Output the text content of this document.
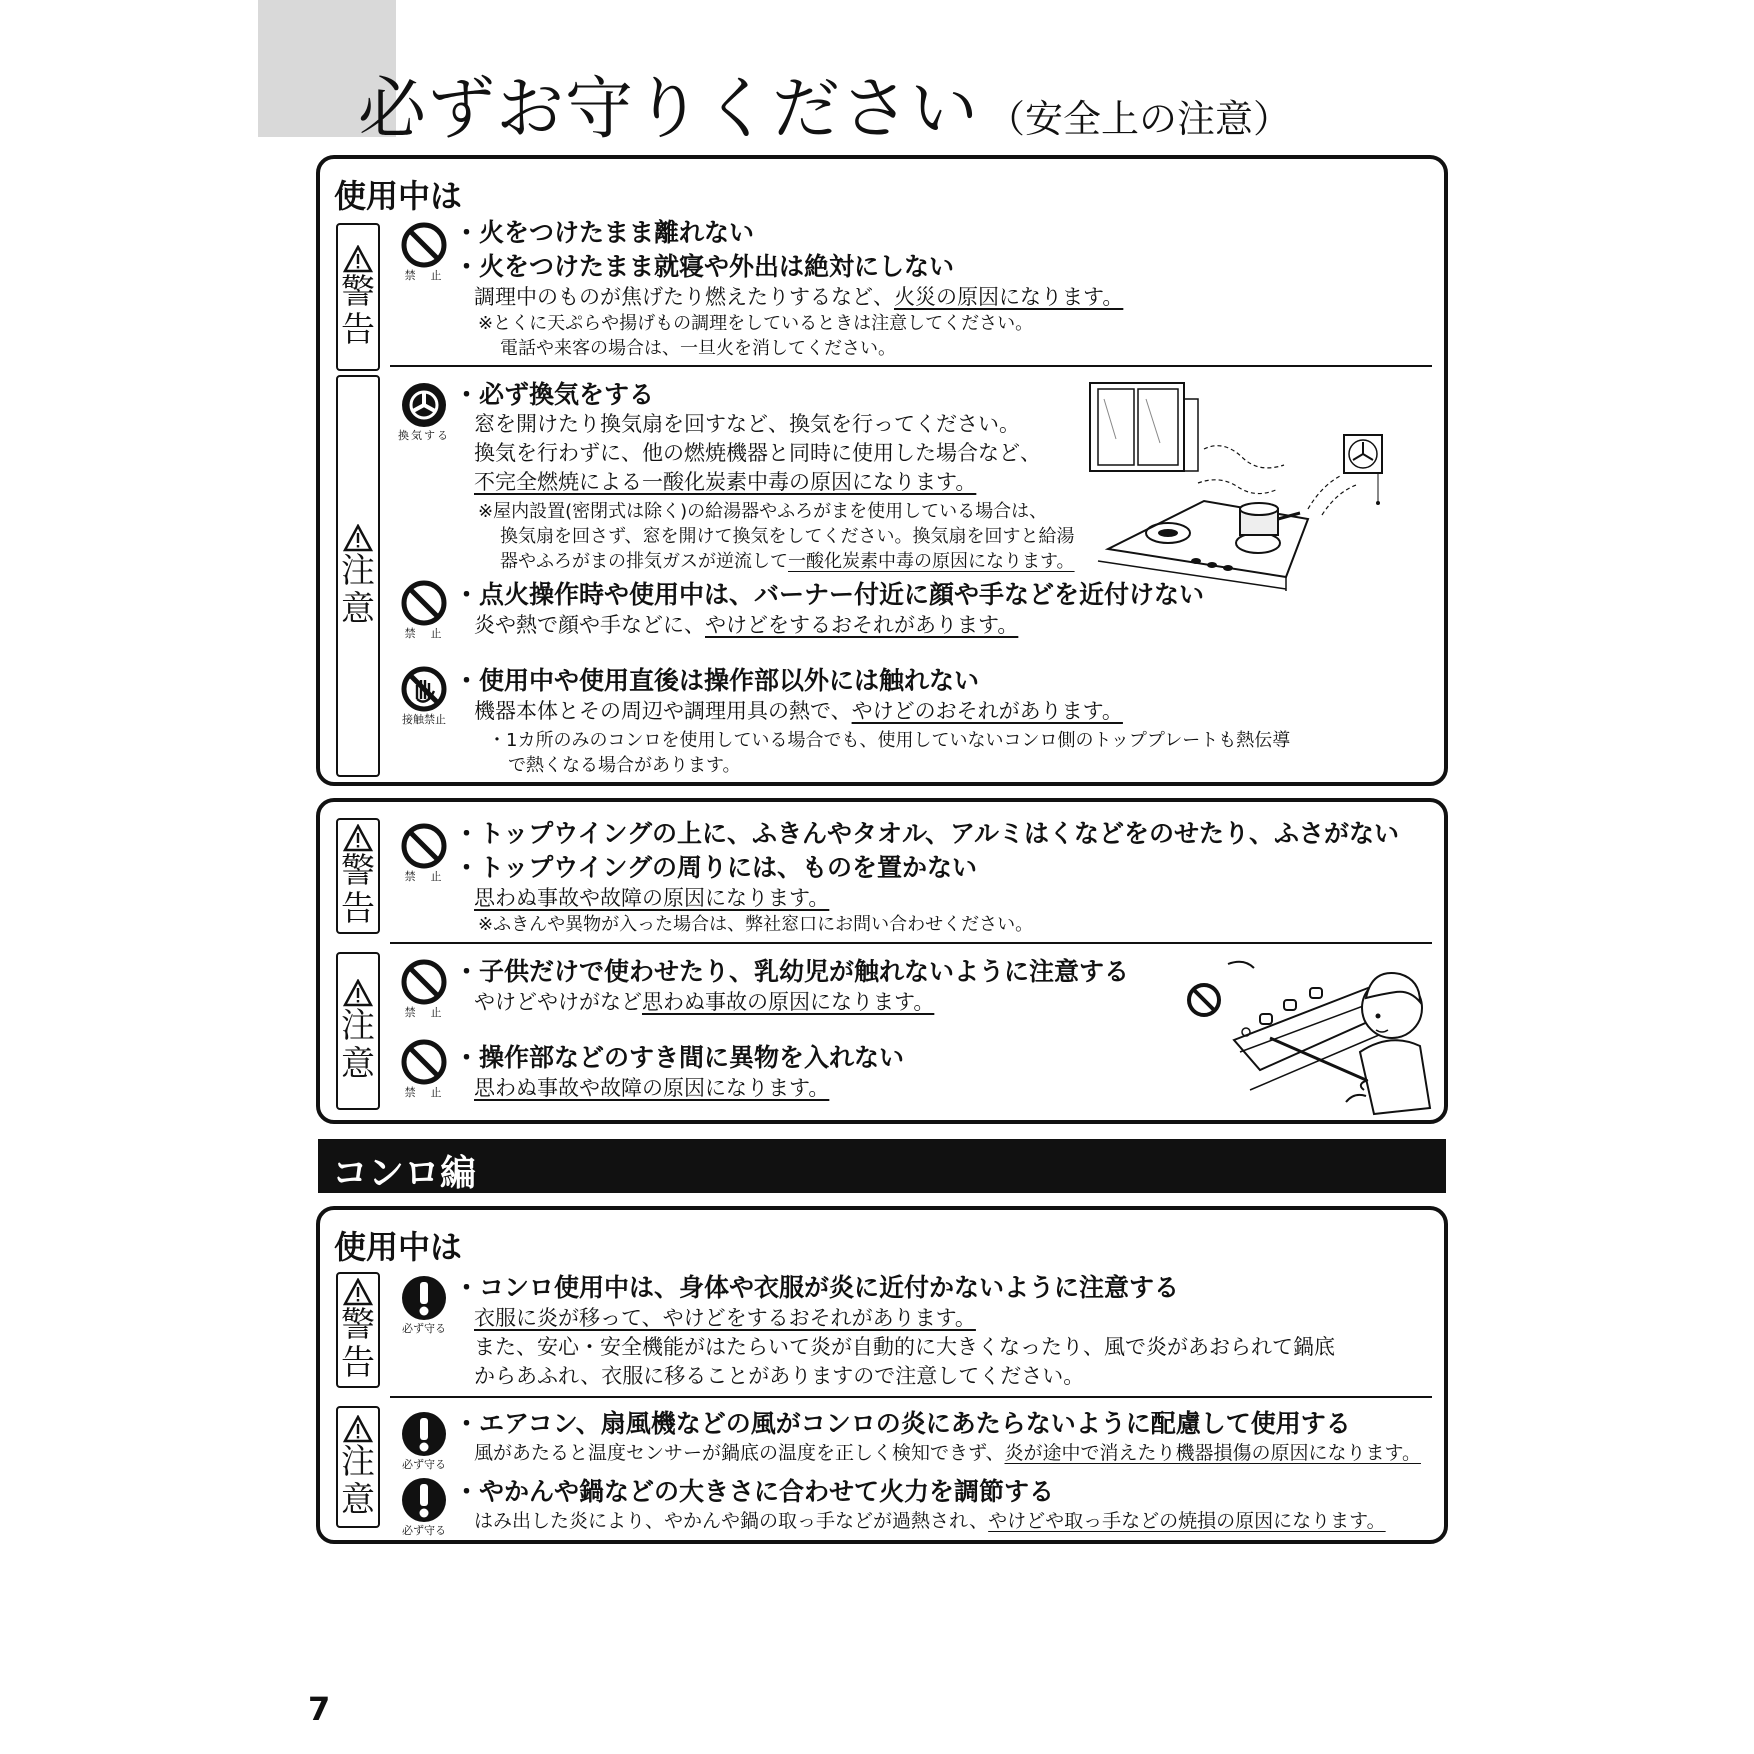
必ずお守りください （安全上の注意）
使用中は
警
告
禁　止
・火をつけたまま離れない
・火をつけたまま就寝や外出は絶対にしない
調理中のものが焦げたり燃えたりするなど、火災の原因になります。
※とくに天ぷらや揚げもの調理をしているときは注意してください。
電話や来客の場合は、一旦火を消してください。
注
意
換気する
・必ず換気をする
窓を開けたり換気扇を回すなど、換気を行ってください。
換気を行わずに、他の燃焼機器と同時に使用した場合など、
不完全燃焼による一酸化炭素中毒の原因になります。
※屋内設置(密閉式は除く)の給湯器やふろがまを使用している場合は、
換気扇を回さず、窓を開けて換気をしてください。換気扇を回すと給湯
器やふろがまの排気ガスが逆流して一酸化炭素中毒の原因になります。
禁　止
・点火操作時や使用中は、バーナー付近に顔や手などを近付けない
炎や熱で顔や手などに、やけどをするおそれがあります。
接触禁止
・使用中や使用直後は操作部以外には触れない
機器本体とその周辺や調理用具の熱で、やけどのおそれがあります。
・1カ所のみのコンロを使用している場合でも、使用していないコンロ側のトッププレートも熱伝導
で熱くなる場合があります。
警
告
禁　止
・トップウイングの上に、ふきんやタオル、アルミはくなどをのせたり、ふさがない
・トップウイングの周りには、ものを置かない
思わぬ事故や故障の原因になります。
※ふきんや異物が入った場合は、弊社窓口にお問い合わせください。
注
意
禁　止
・子供だけで使わせたり、乳幼児が触れないように注意する
やけどやけがなど思わぬ事故の原因になります。
禁　止
・操作部などのすき間に異物を入れない
思わぬ事故や故障の原因になります。
コンロ編
使用中は
警
告
必ず守る
・コンロ使用中は、身体や衣服が炎に近付かないように注意する
衣服に炎が移って、やけどをするおそれがあります。
また、安心・安全機能がはたらいて炎が自動的に大きくなったり、風で炎があおられて鍋底
からあふれ、衣服に移ることがありますので注意してください。
注
意
必ず守る
・エアコン、扇風機などの風がコンロの炎にあたらないように配慮して使用する
風があたると温度センサーが鍋底の温度を正しく検知できず、炎が途中で消えたり機器損傷の原因になります。
必ず守る
・やかんや鍋などの大きさに合わせて火力を調節する
はみ出した炎により、やかんや鍋の取っ手などが過熱され、やけどや取っ手などの焼損の原因になります。
7
